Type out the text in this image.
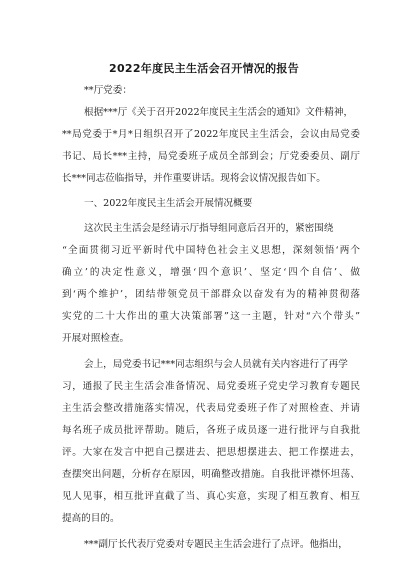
2022年度民主生活会召开情况的报告
**厅党委：
根据***厅《关于召开2022年度民主生活会的通知》文件精神，
**局党委于*月*日组织召开了2022年度民主生活会，会议由局党委
书记、局长***主持，局党委班子成员全部到会；厅党委委员、副厅
长***同志莅临指导，并作重要讲话。现将会议情况报告如下。
一、2022年度民主生活会开展情况概要
这次民主生活会是经请示厅指导组同意后召开的，紧密围绕
“全面贯彻习近平新时代中国特色社会主义思想，深刻领悟‘两个
确立’的决定性意义，增强‘四个意识’、坚定‘四个自信’、做
到‘两个维护’，团结带领党员干部群众以奋发有为的精神贯彻落
实党的二十大作出的重大决策部署”这一主题，针对“六个带头”
开展对照检查。
会上，局党委书记***同志组织与会人员就有关内容进行了再学
习，通报了民主生活会准备情况、局党委班子党史学习教育专题民
主生活会整改措施落实情况，代表局党委班子作了对照检查、并请
每名班子成员批评帮助。随后，各班子成员逐一进行批评与自我批
评。大家在发言中把自己摆进去、把思想摆进去、把工作摆进去，
查摆突出问题，分析存在原因，明确整改措施。自我批评襟怀坦荡、
见人见事，相互批评直截了当、真心实意，实现了相互教育、相互
提高的目的。
***副厅长代表厅党委对专题民主生活会进行了点评。他指出，
